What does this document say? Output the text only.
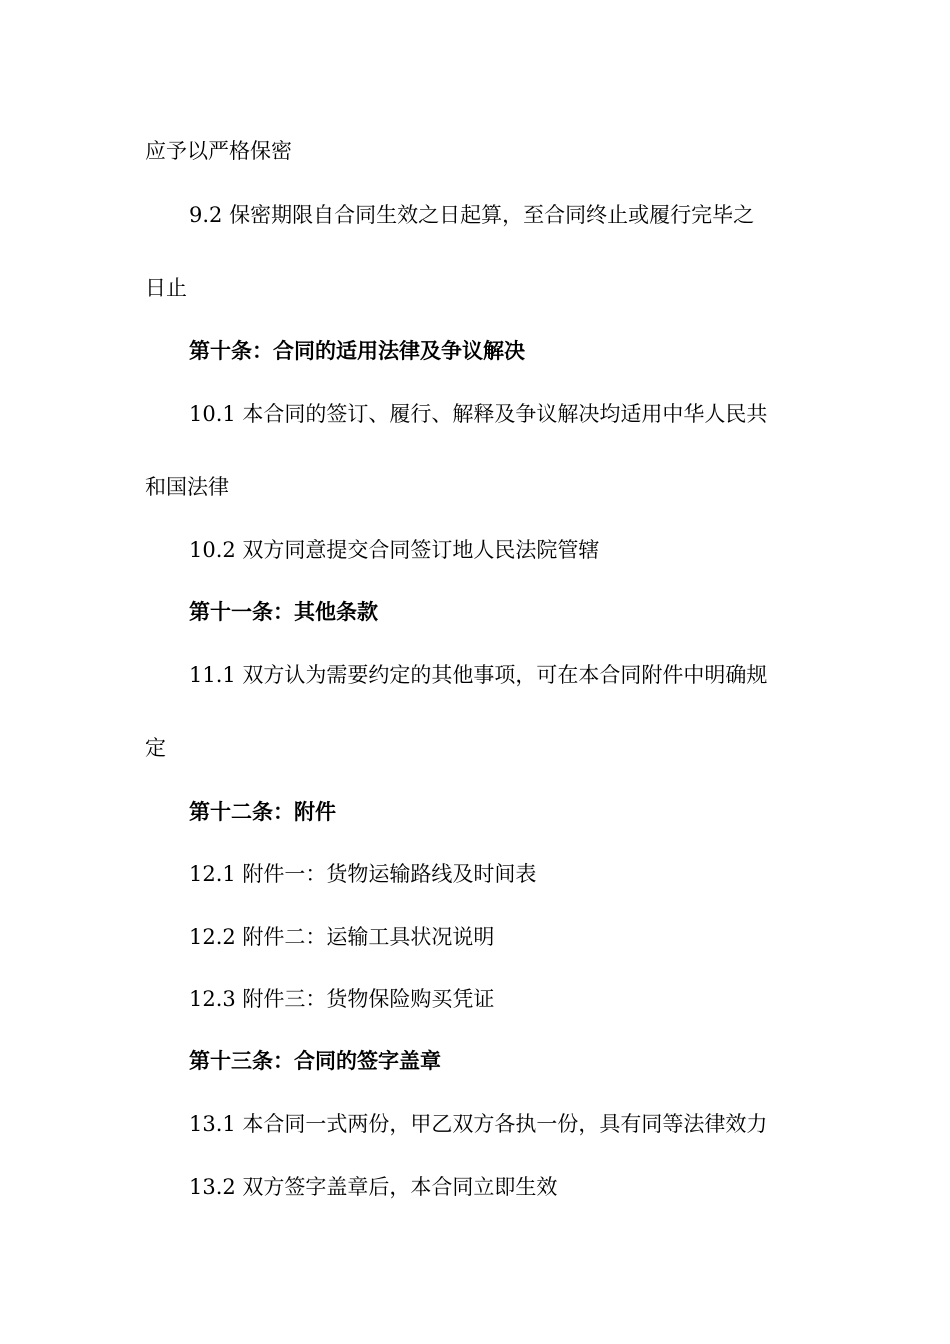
应予以严格保密
9.2 保密期限自合同生效之日起算，至合同终止或履行完毕之
日止
第十条：合同的适用法律及争议解决
10.1 本合同的签订、履行、解释及争议解决均适用中华人民共
和国法律
10.2 双方同意提交合同签订地人民法院管辖
第十一条：其他条款
11.1 双方认为需要约定的其他事项，可在本合同附件中明确规
定
第十二条：附件
12.1 附件一：货物运输路线及时间表
12.2 附件二：运输工具状况说明
12.3 附件三：货物保险购买凭证
第十三条：合同的签字盖章
13.1 本合同一式两份，甲乙双方各执一份，具有同等法律效力
13.2 双方签字盖章后，本合同立即生效
